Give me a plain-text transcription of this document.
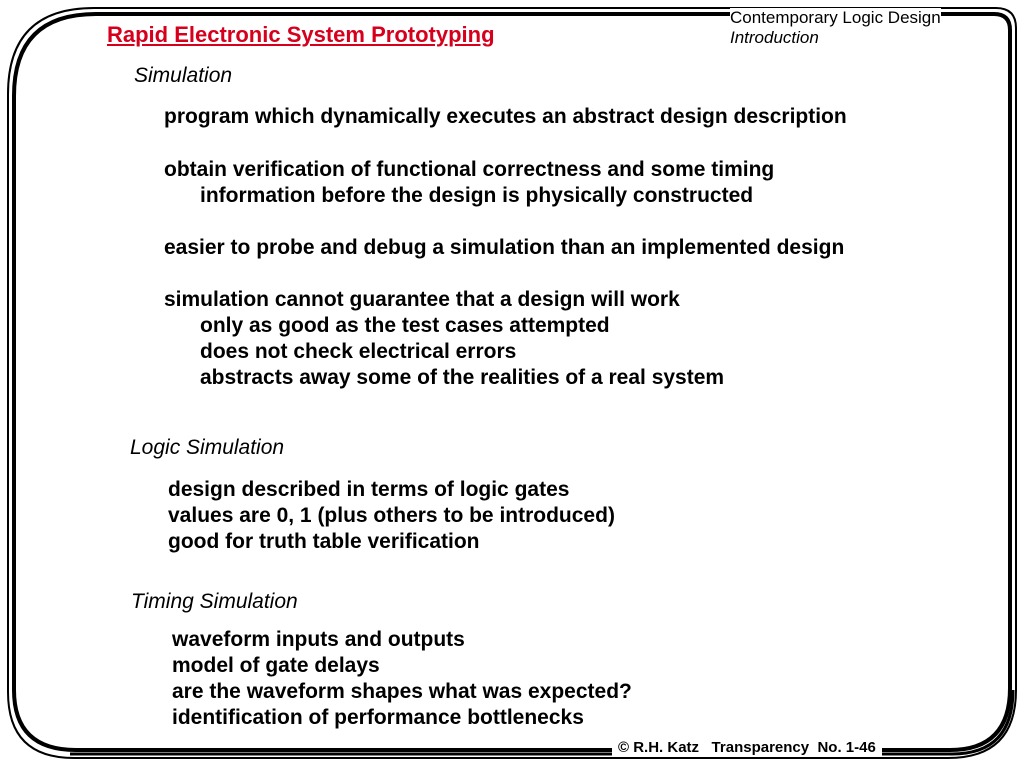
Rapid Electronic System Prototyping
Contemporary Logic Design
Introduction
Simulation
program which dynamically executes an abstract design description
obtain verification of functional correctness and some timing
information before the design is physically constructed
easier to probe and debug a simulation than an implemented design
simulation cannot guarantee that a design will work
only as good as the test cases attempted
does not check electrical errors
abstracts away some of the realities of a real system
Logic Simulation
design described in terms of logic gates
values are 0, 1 (plus others to be introduced)
good for truth table verification
Timing Simulation
waveform inputs and outputs
model of gate delays
are the waveform shapes what was expected?
identification of performance bottlenecks
© R.H. Katz   Transparency  No. 1-46
